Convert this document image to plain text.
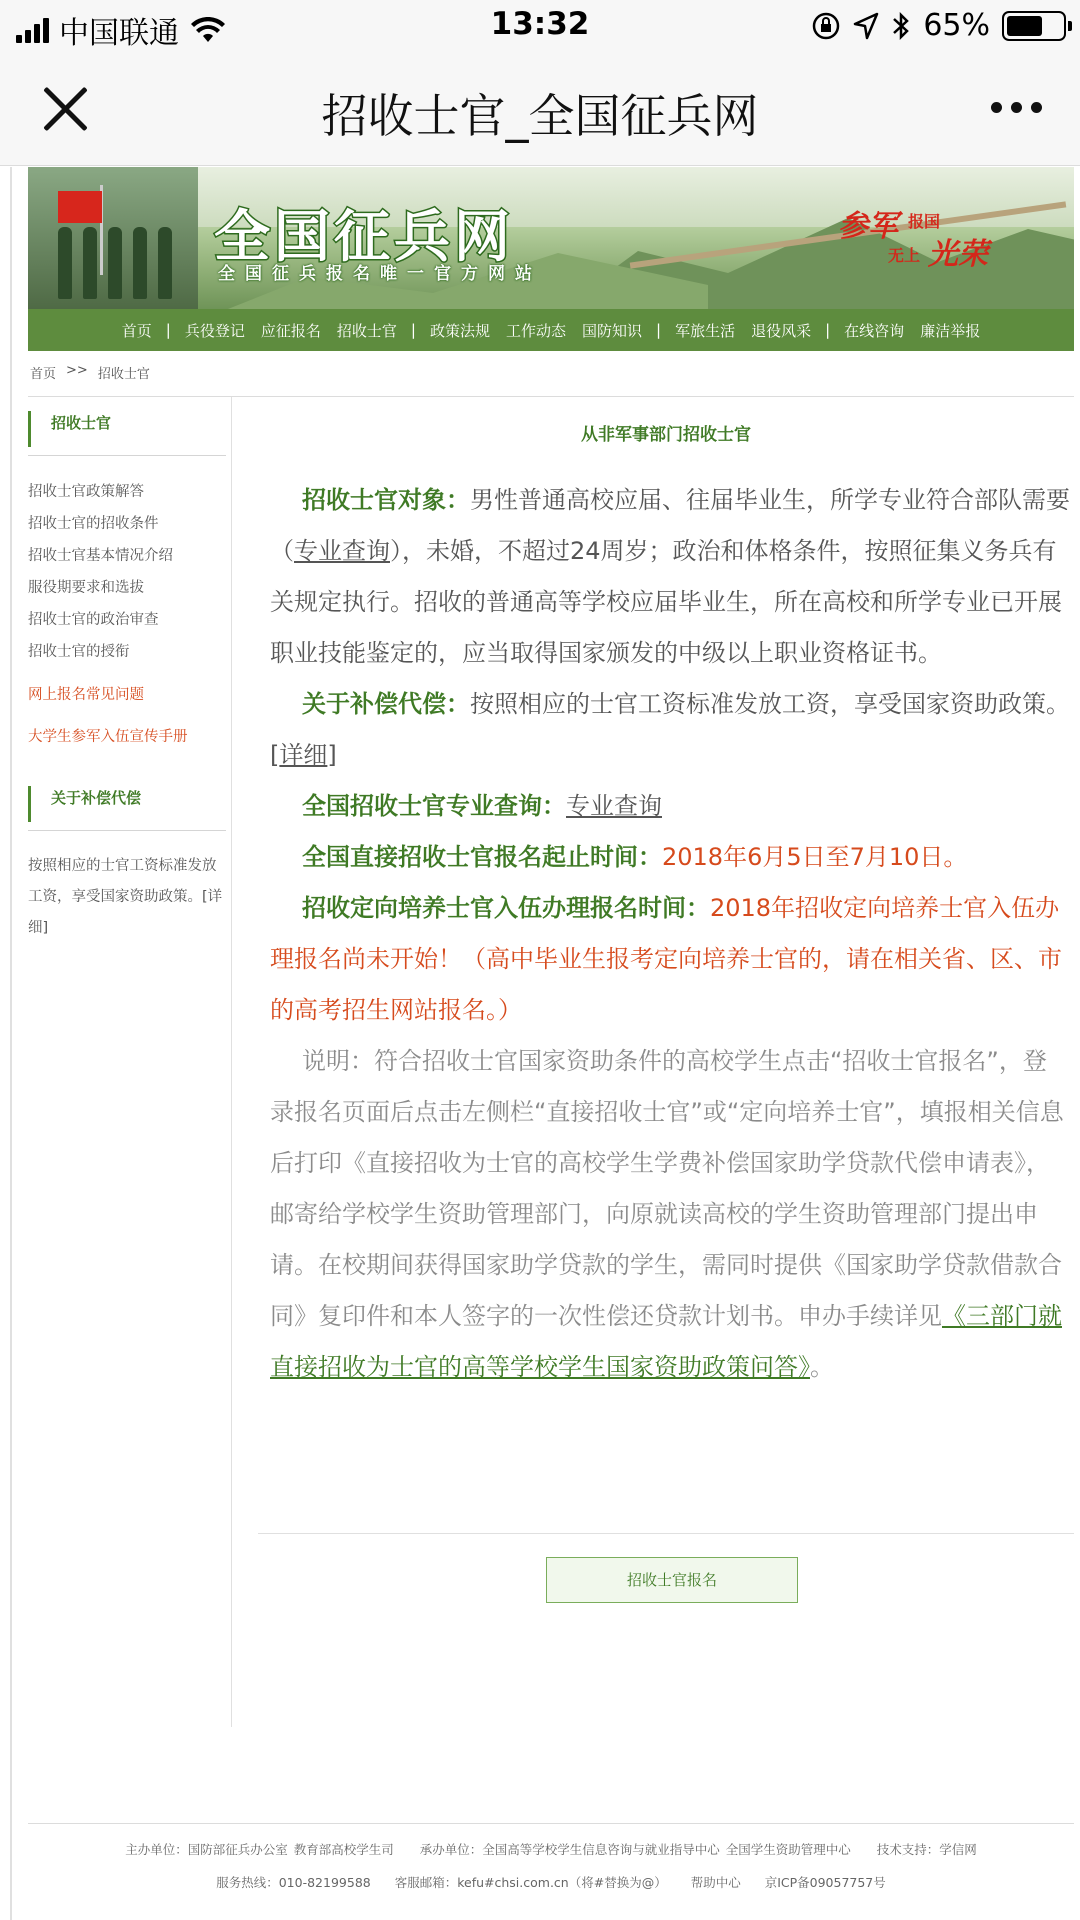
中国联通	13:32	65%
招收士官_全国征兵网
全国征兵网
全国征兵报名唯一官方网站
参军 报国
无上 光荣
首页 | 兵役登记	应征报名	招收士官 | 政策法规	工作动态	国防知识 | 军旅生活	退役风采 | 在线咨询	廉洁举报
首页 >> 招收士官
招收士官
招收士官政策解答
招收士官的招收条件
招收士官基本情况介绍
服役期要求和选拔
招收士官的政治审查
招收士官的授衔
网上报名常见问题
大学生参军入伍宣传手册
关于补偿代偿
按照相应的士官工资标准发放工资，享受国家资助政策。[详细]
从非军事部门招收士官

招收士官对象：男性普通高校应届、往届毕业生，所学专业符合部队需要（专业查询），未婚，不超过24周岁；政治和体格条件，按照征集义务兵有关规定执行。招收的普通高等学校应届毕业生，所在高校和所学专业已开展职业技能鉴定的，应当取得国家颁发的中级以上职业资格证书。

关于补偿代偿：按照相应的士官工资标准发放工资，享受国家资助政策。[详细]

全国招收士官专业查询：专业查询

全国直接招收士官报名起止时间：2018年6月5日至7月10日。

招收定向培养士官入伍办理报名时间：2018年招收定向培养士官入伍办理报名尚未开始！（高中毕业生报考定向培养士官的，请在相关省、区、市的高考招生网站报名。）

说明：符合招收士官国家资助条件的高校学生点击“招收士官报名”，登录报名页面后点击左侧栏“直接招收士官”或“定向培养士官”，填报相关信息后打印《直接招收为士官的高校学生学费补偿国家助学贷款代偿申请表》，邮寄给学校学生资助管理部门，向原就读高校的学生资助管理部门提出申请。在校期间获得国家助学贷款的学生，需同时提供《国家助学贷款借款合同》复印件和本人签字的一次性偿还贷款计划书。申办手续详见《三部门就直接招收为士官的高等学校学生国家资助政策问答》。

招收士官报名
主办单位：国防部征兵办公室 教育部高校学生司 承办单位：全国高等学校学生信息咨询与就业指导中心 全国学生资助管理中心 技术支持：学信网
服务热线：010-82199588 客服邮箱：kefu#chsi.com.cn（将#替换为@） 帮助中心 京ICP备09057757号
